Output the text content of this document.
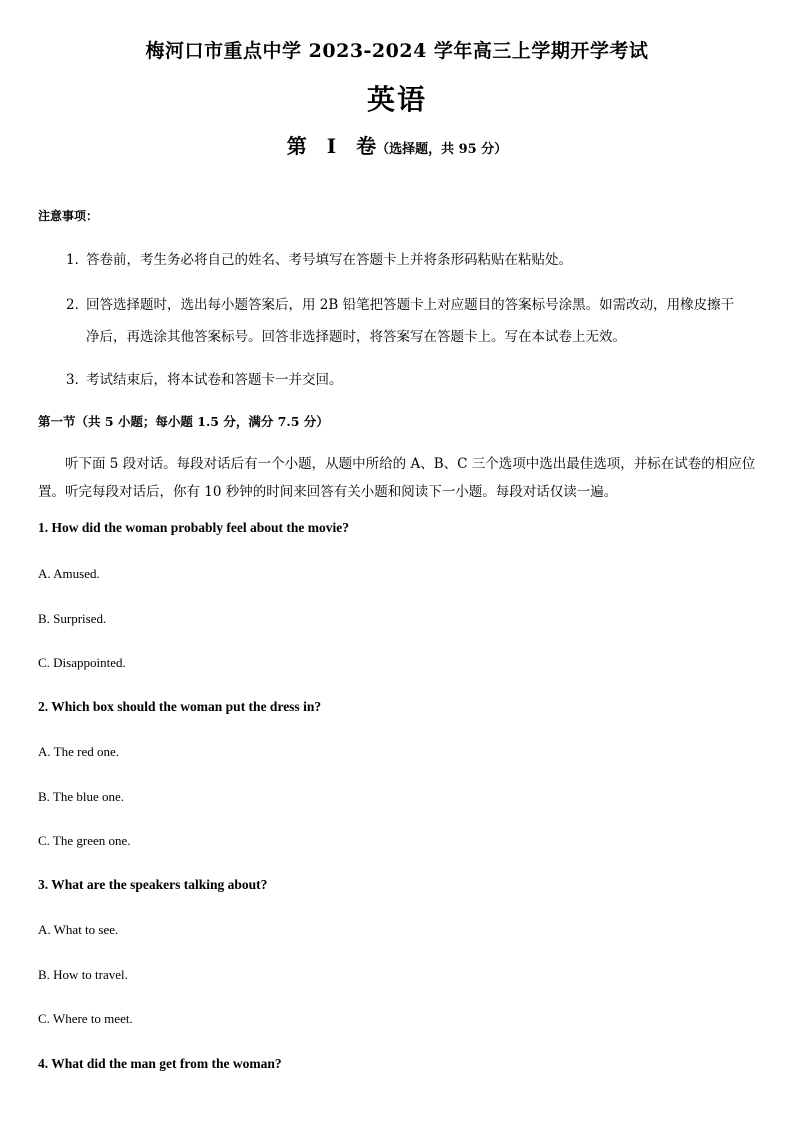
梅河口市重点中学 2023-2024 学年高三上学期开学考试
英语
第　I　卷（选择题，共 95 分）
注意事项：
1．答卷前，考生务必将自己的姓名、考号填写在答题卡上并将条形码粘贴在粘贴处。
2．回答选择题时，选出每小题答案后，用 2B 铅笔把答题卡上对应题目的答案标号涂黑。如需改动，用橡皮擦干
净后，再选涂其他答案标号。回答非选择题时，将答案写在答题卡上。写在本试卷上无效。
3．考试结束后，将本试卷和答题卡一并交回。
第一节（共 5 小题；每小题 1.5 分，满分 7.5 分）
听下面 5 段对话。每段对话后有一个小题，从题中所给的 A、B、C 三个选项中选出最佳选项，并标在试卷的相应位置。听完每段对话后，你有 10 秒钟的时间来回答有关小题和阅读下一小题。每段对话仅读一遍。
1. How did the woman probably feel about the movie?
A. Amused.
B. Surprised.
C. Disappointed.
2. Which box should the woman put the dress in?
A. The red one.
B. The blue one.
C. The green one.
3. What are the speakers talking about?
A. What to see.
B. How to travel.
C. Where to meet.
4. What did the man get from the woman?
